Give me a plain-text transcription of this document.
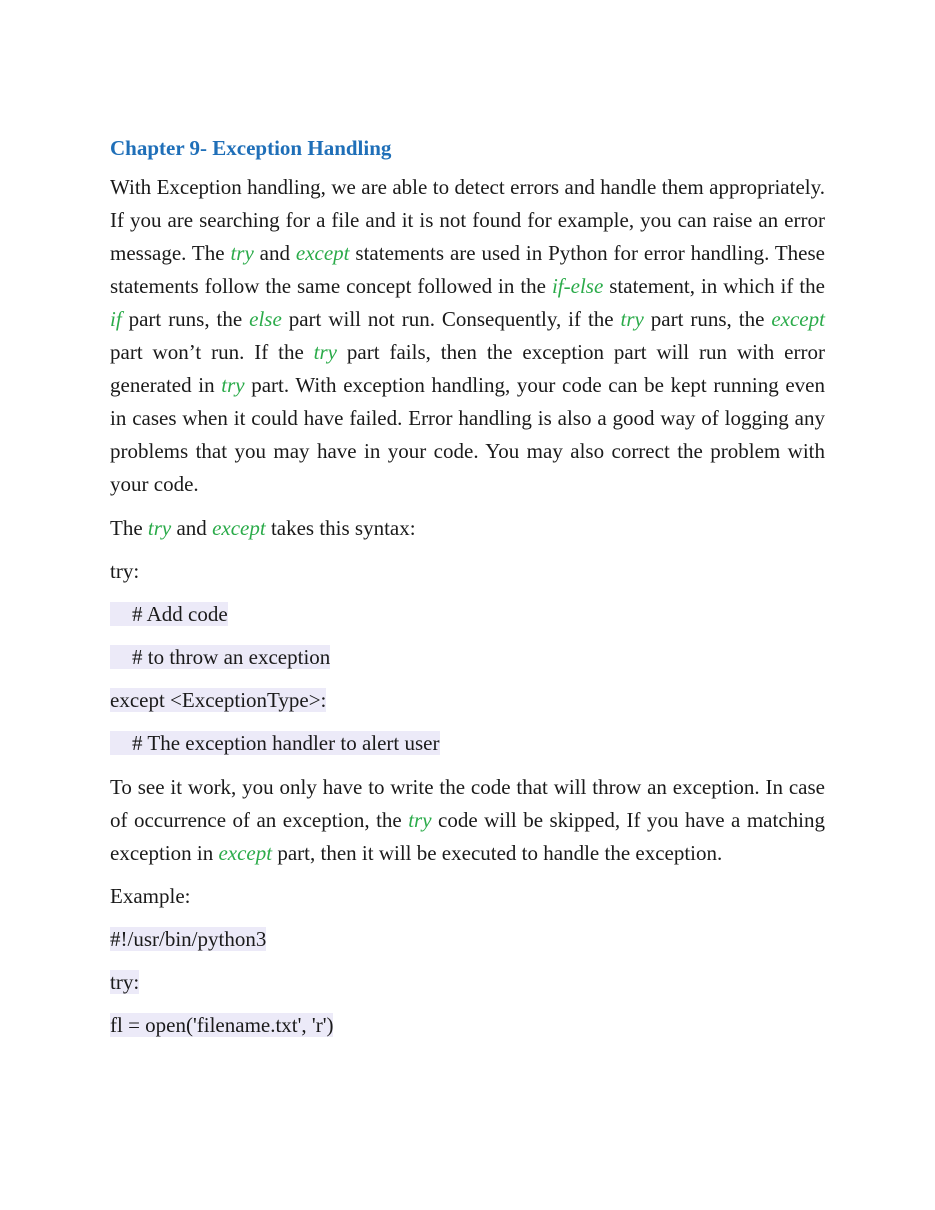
Chapter 9- Exception Handling

With Exception handling, we are able to detect errors and handle them appropriately. If you are searching for a file and it is not found for example, you can raise an error message. The try and except statements are used in Python for error handling. These statements follow the same concept followed in the if-else statement, in which if the if part runs, the else part will not run. Consequently, if the try part runs, the except part won’t run. If the try part fails, then the exception part will run with error generated in try part. With exception handling, your code can be kept running even in cases when it could have failed. Error handling is also a good way of logging any problems that you may have in your code. You may also correct the problem with your code.

The try and except takes this syntax:

try:
# Add code
# to throw an exception
except <ExceptionType>:
# The exception handler to alert user

To see it work, you only have to write the code that will throw an exception. In case of occurrence of an exception, the try code will be skipped, If you have a matching exception in except part, then it will be executed to handle the exception.

Example:
#!/usr/bin/python3
try:
fl = open('filename.txt', 'r')
